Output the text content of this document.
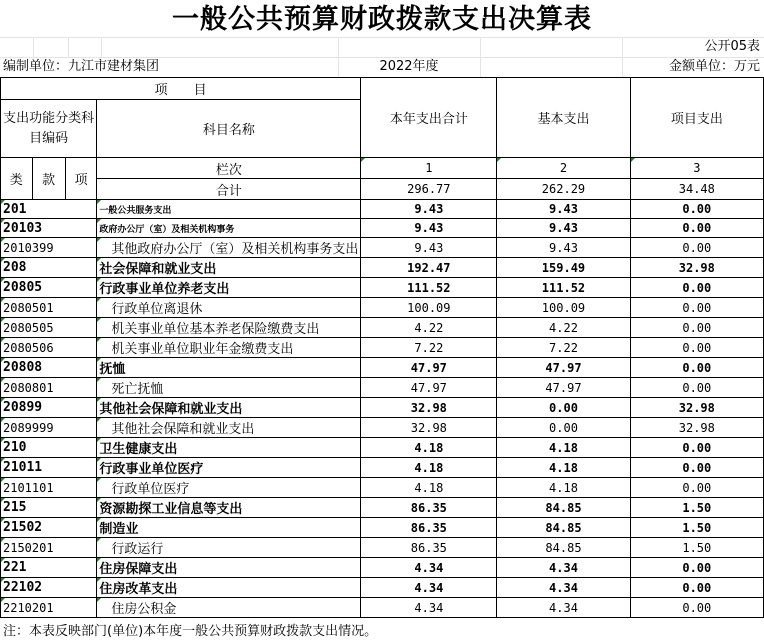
一般公共预算财政拨款支出决算表
公开05表
编制单位：九江市建材集团	2022年度	金额单位：万元
项　　目				本年支出合计	基本支出	项目支出
支出功能分类科目编码			科目名称			
类	款	项	栏次	1	2	3
			合计	296.77	262.29	34.48
201			一般公共服务支出	9.43	9.43	0.00
20103			政府办公厅（室）及相关机构事务	9.43	9.43	0.00
2010399			其他政府办公厅（室）及相关机构事务支出	9.43	9.43	0.00
208			社会保障和就业支出	192.47	159.49	32.98
20805			行政事业单位养老支出	111.52	111.52	0.00
2080501			行政单位离退休	100.09	100.09	0.00
2080505			机关事业单位基本养老保险缴费支出	4.22	4.22	0.00
2080506			机关事业单位职业年金缴费支出	7.22	7.22	0.00
20808			抚恤	47.97	47.97	0.00
2080801			死亡抚恤	47.97	47.97	0.00
20899			其他社会保障和就业支出	32.98	0.00	32.98
2089999			其他社会保障和就业支出	32.98	0.00	32.98
210			卫生健康支出	4.18	4.18	0.00
21011			行政事业单位医疗	4.18	4.18	0.00
2101101			行政单位医疗	4.18	4.18	0.00
215			资源勘探工业信息等支出	86.35	84.85	1.50
21502			制造业	86.35	84.85	1.50
2150201			行政运行	86.35	84.85	1.50
221			住房保障支出	4.34	4.34	0.00
22102			住房改革支出	4.34	4.34	0.00
2210201			住房公积金	4.34	4.34	0.00
注：本表反映部门(单位)本年度一般公共预算财政拨款支出情况。
